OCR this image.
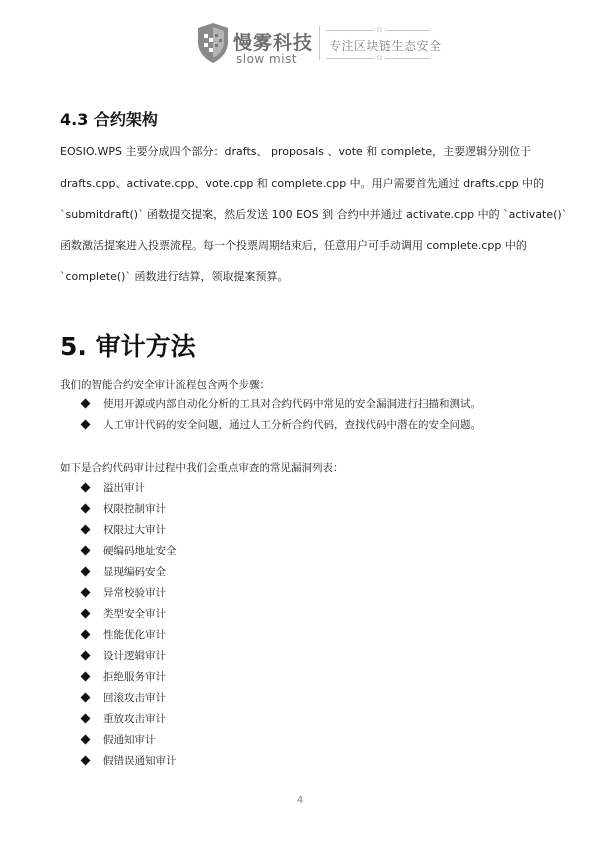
慢雾科技
slow mist
✩
专注区块链生态安全
✩
4.3 合约架构
EOSIO.WPS 主要分成四个部分：drafts、 proposals 、vote 和 complete，主要逻辑分别位于
drafts.cpp、activate.cpp、vote.cpp 和 complete.cpp 中。用户需要首先通过 drafts.cpp 中的
`submitdraft()` 函数提交提案，然后发送 100 EOS 到 合约中并通过 activate.cpp 中的 `activate()`
函数激活提案进入投票流程。每一个投票周期结束后，任意用户可手动调用 complete.cpp 中的
`complete()` 函数进行结算，领取提案预算。
5. 审计方法
我们的智能合约安全审计流程包含两个步骤：
使用开源或内部自动化分析的工具对合约代码中常见的安全漏洞进行扫描和测试。
人工审计代码的安全问题，通过人工分析合约代码，查找代码中潜在的安全问题。
如下是合约代码审计过程中我们会重点审查的常见漏洞列表：
溢出审计
权限控制审计
权限过大审计
硬编码地址安全
显现编码安全
异常校验审计
类型安全审计
性能优化审计
设计逻辑审计
拒绝服务审计
回滚攻击审计
重放攻击审计
假通知审计
假错误通知审计
4
